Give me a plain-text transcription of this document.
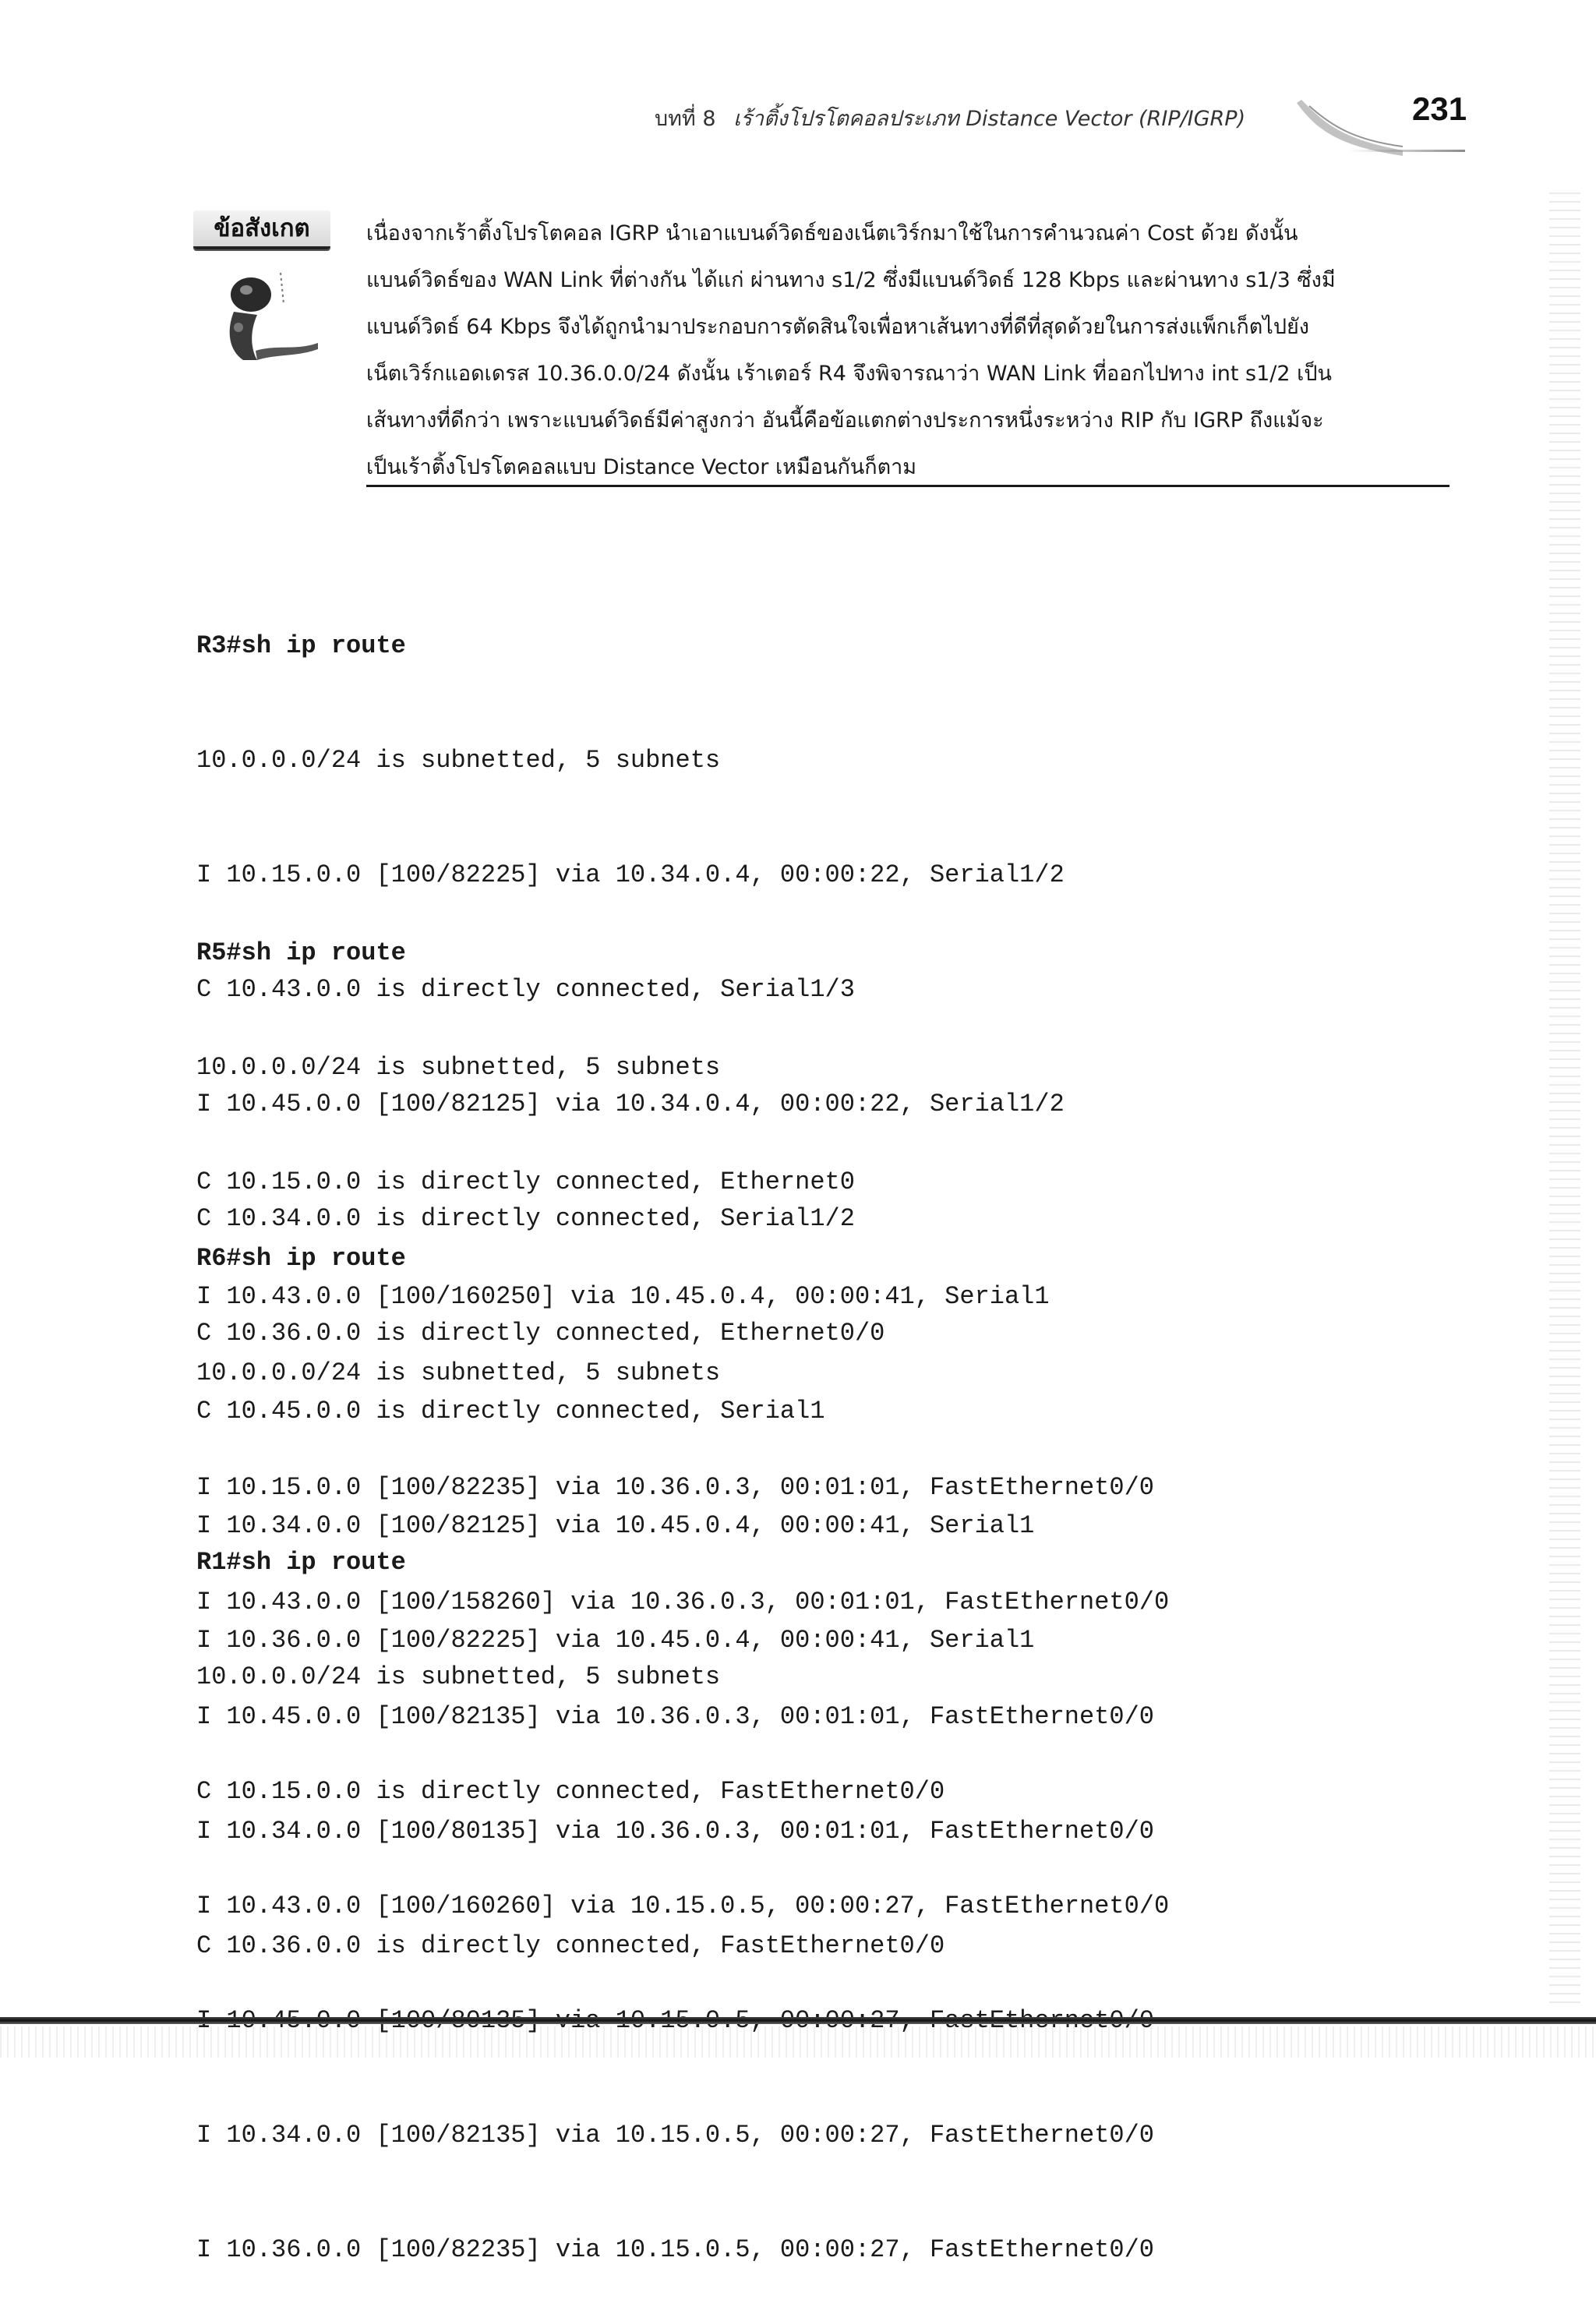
บทที่ 8 เร้าติ้งโปรโตคอลประเภท Distance Vector (RIP/IGRP)	231
ข้อสังเกต	เนื่องจากเร้าติ้งโปรโตคอล IGRP นำเอาแบนด์วิดธ์ของเน็ตเวิร์กมาใช้ในการคำนวณค่า Cost ด้วย ดังนั้น

แบนด์วิดธ์ของ WAN Link ที่ต่างกัน ได้แก่ ผ่านทาง s1/2 ซึ่งมีแบนด์วิดธ์ 128 Kbps และผ่านทาง s1/3 ซึ่งมี

แบนด์วิดธ์ 64 Kbps จึงได้ถูกนำมาประกอบการตัดสินใจเพื่อหาเส้นทางที่ดีที่สุดด้วยในการส่งแพ็กเก็ตไปยัง

เน็ตเวิร์กแอดเดรส 10.36.0.0/24 ดังนั้น เร้าเตอร์ R4 จึงพิจารณาว่า WAN Link ที่ออกไปทาง int s1/2 เป็น

เส้นทางที่ดีกว่า เพราะแบนด์วิดธ์มีค่าสูงกว่า อันนี้คือข้อแตกต่างประการหนึ่งระหว่าง RIP กับ IGRP ถึงแม้จะ

เป็นเร้าติ้งโปรโตคอลแบบ Distance Vector เหมือนกันก็ตาม

R3#sh ip route

10.0.0.0/24 is subnetted, 5 subnets

I 10.15.0.0 [100/82225] via 10.34.0.4, 00:00:22, Serial1/2

C 10.43.0.0 is directly connected, Serial1/3

I 10.45.0.0 [100/82125] via 10.34.0.4, 00:00:22, Serial1/2

C 10.34.0.0 is directly connected, Serial1/2

C 10.36.0.0 is directly connected, Ethernet0/0

R5#sh ip route

10.0.0.0/24 is subnetted, 5 subnets

C 10.15.0.0 is directly connected, Ethernet0

I 10.43.0.0 [100/160250] via 10.45.0.4, 00:00:41, Serial1

C 10.45.0.0 is directly connected, Serial1

I 10.34.0.0 [100/82125] via 10.45.0.4, 00:00:41, Serial1

I 10.36.0.0 [100/82225] via 10.45.0.4, 00:00:41, Serial1

R6#sh ip route

10.0.0.0/24 is subnetted, 5 subnets

I 10.15.0.0 [100/82235] via 10.36.0.3, 00:01:01, FastEthernet0/0

I 10.43.0.0 [100/158260] via 10.36.0.3, 00:01:01, FastEthernet0/0

I 10.45.0.0 [100/82135] via 10.36.0.3, 00:01:01, FastEthernet0/0

I 10.34.0.0 [100/80135] via 10.36.0.3, 00:01:01, FastEthernet0/0

C 10.36.0.0 is directly connected, FastEthernet0/0

R1#sh ip route

10.0.0.0/24 is subnetted, 5 subnets

C 10.15.0.0 is directly connected, FastEthernet0/0

I 10.43.0.0 [100/160260] via 10.15.0.5, 00:00:27, FastEthernet0/0

I 10.34.0.0 [100/82135] via 10.15.0.5, 00:00:27, FastEthernet0/0

I 10.36.0.0 [100/82235] via 10.15.0.5, 00:00:27, FastEthernet0/0
